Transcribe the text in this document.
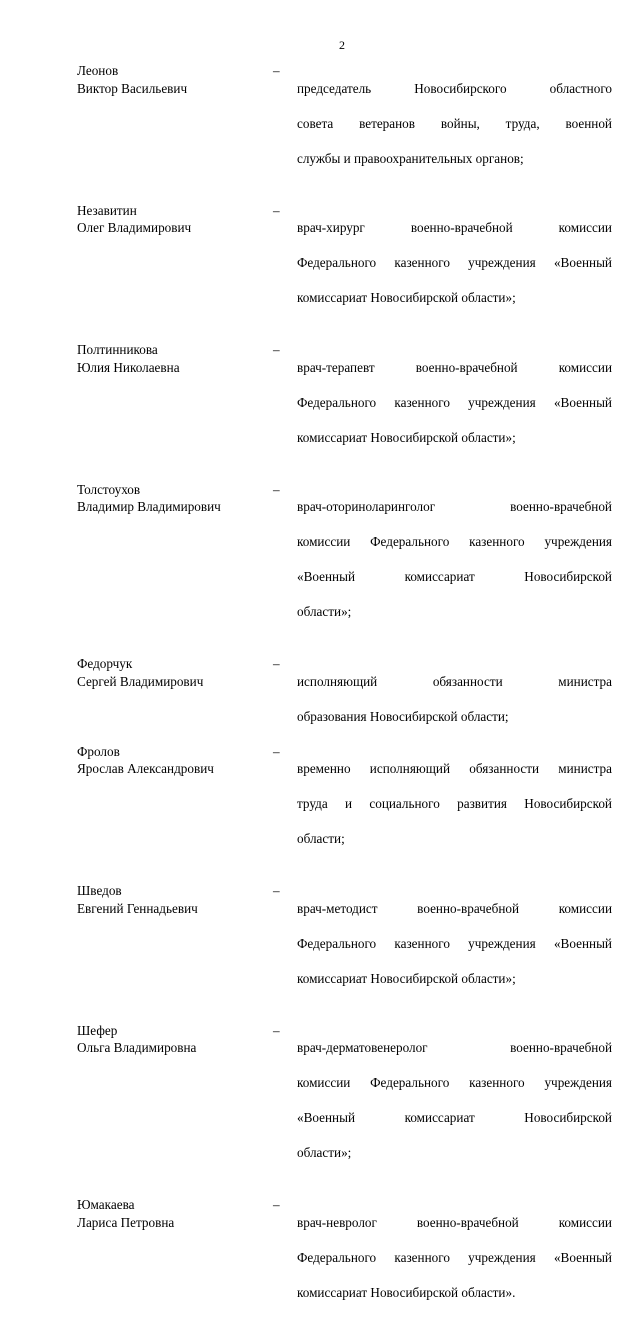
2
Леонов
Виктор Васильевич
–

председатель Новосибирского областного

совета ветеранов войны, труда, военной

службы и правоохранительных органов;

Незавитин
Олег Владимирович
–

врач-хирург военно-врачебной комиссии

Федерального казенного учреждения «Военный

комиссариат Новосибирской области»;

Полтинникова
Юлия Николаевна
–

врач-терапевт военно-врачебной комиссии

Федерального казенного учреждения «Военный

комиссариат Новосибирской области»;

Толстоухов
Владимир Владимирович
–

врач-оториноларинголог военно-врачебной

комиссии Федерального казенного учреждения

«Военный комиссариат Новосибирской

области»;

Федорчук
Сергей Владимирович
–

исполняющий обязанности министра

образования Новосибирской области;

Фролов
Ярослав Александрович
–

временно исполняющий обязанности министра

труда и социального развития Новосибирской

области;

Шведов
Евгений Геннадьевич
–

врач-методист военно-врачебной комиссии

Федерального казенного учреждения «Военный

комиссариат Новосибирской области»;

Шефер
Ольга Владимировна
–

врач-дерматовенеролог военно-врачебной

комиссии Федерального казенного учреждения

«Военный комиссариат Новосибирской

области»;

Юмакаева
Лариса Петровна
–

врач-невролог военно-врачебной комиссии

Федерального казенного учреждения «Военный

комиссариат Новосибирской области».
